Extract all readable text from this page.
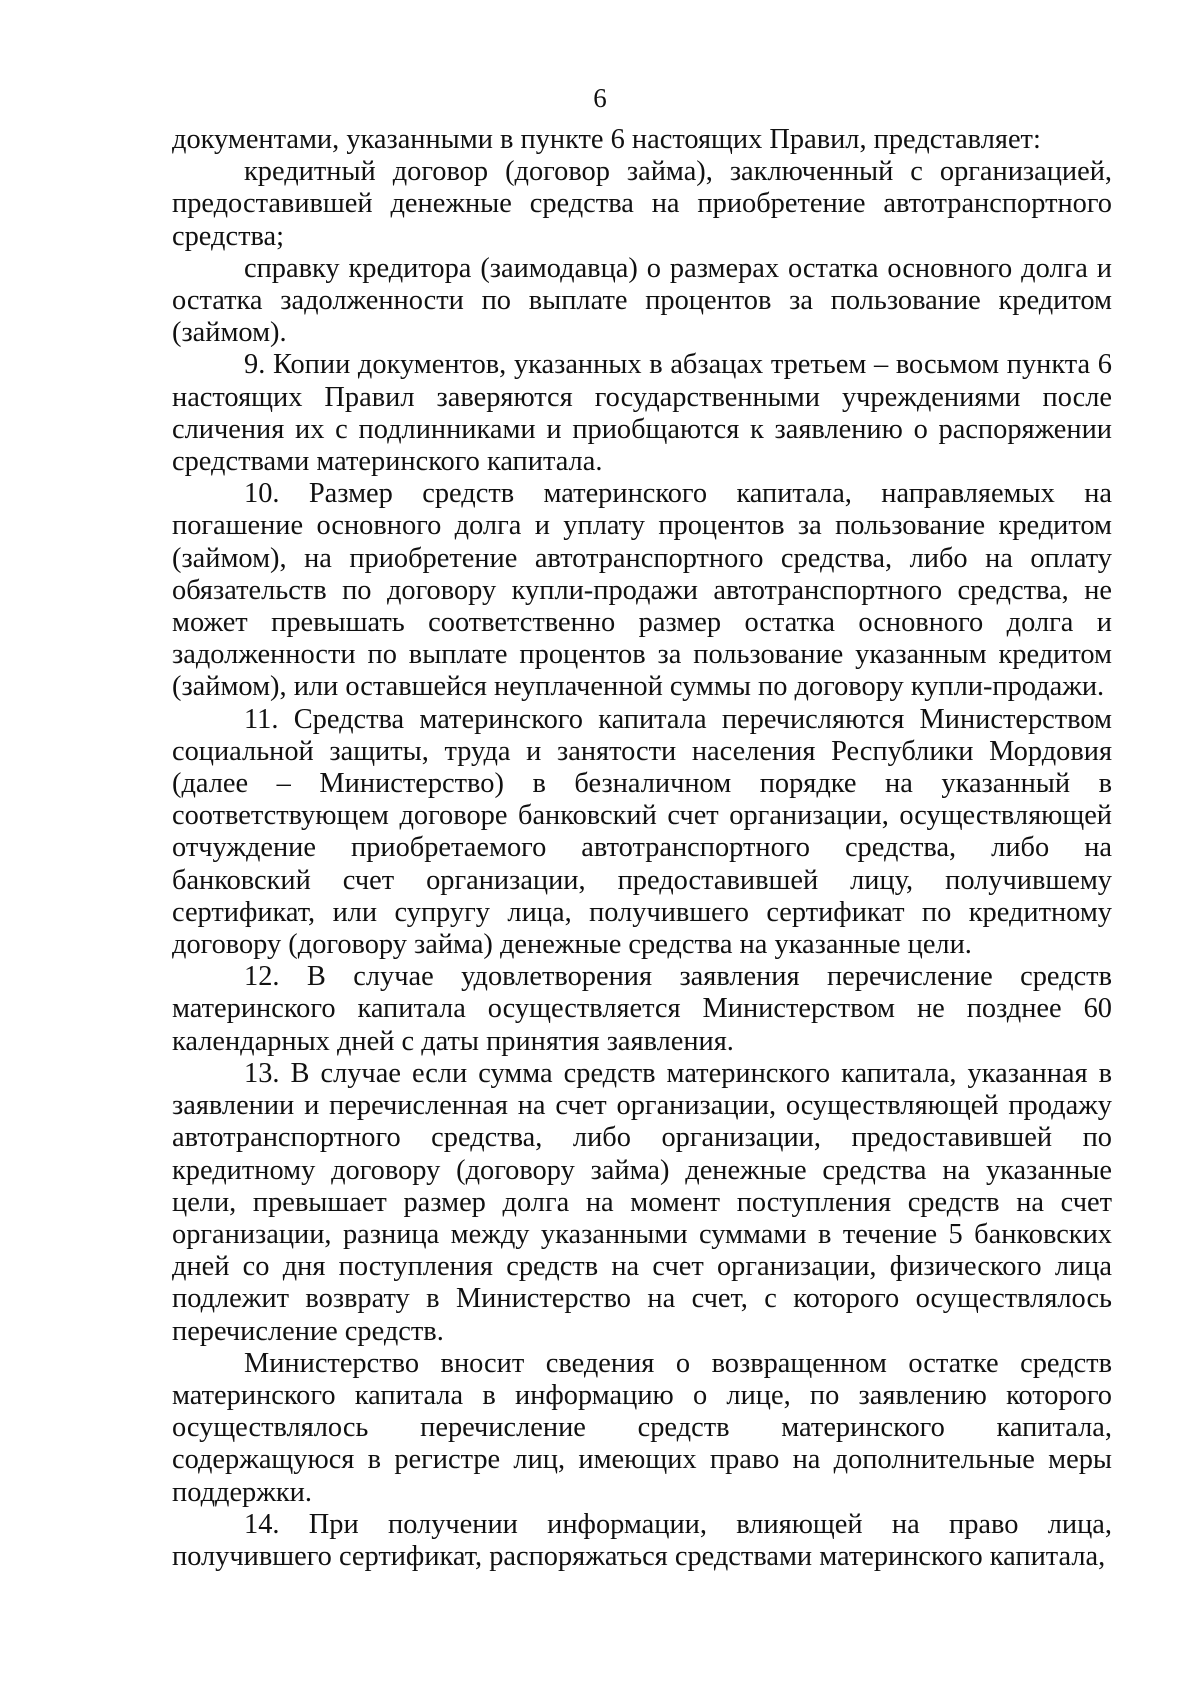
6

документами, указанными в пункте 6 настоящих Правил, представляет:

кредитный договор (договор займа), заключенный с организацией, предоставившей денежные средства на приобретение автотранспортного средства;

справку кредитора (заимодавца) о размерах остатка основного долга и остатка задолженности по выплате процентов за пользование кредитом (займом).

9. Копии документов, указанных в абзацах третьем – восьмом пункта 6 настоящих Правил заверяются государственными учреждениями после сличения их с подлинниками и приобщаются к заявлению о распоряжении средствами материнского капитала.

10. Размер средств материнского капитала, направляемых на погашение основного долга и уплату процентов за пользование кредитом (займом), на приобретение автотранспортного средства, либо на оплату обязательств по договору купли-продажи автотранспортного средства, не может превышать соответственно размер остатка основного долга и задолженности по выплате процентов за пользование указанным кредитом (займом), или оставшейся неуплаченной суммы по договору купли-продажи.

11. Средства материнского капитала перечисляются Министерством социальной защиты, труда и занятости населения Республики Мордовия (далее – Министерство) в безналичном порядке на указанный в соответствующем договоре банковский счет организации, осуществляющей отчуждение приобретаемого автотранспортного средства, либо на банковский счет организации, предоставившей лицу, получившему сертификат, или супругу лица, получившего сертификат по кредитному договору (договору займа) денежные средства на указанные цели.

12. В случае удовлетворения заявления перечисление средств материнского капитала осуществляется Министерством не позднее 60 календарных дней с даты принятия заявления.

13. В случае если сумма средств материнского капитала, указанная в заявлении и перечисленная на счет организации, осуществляющей продажу автотранспортного средства, либо организации, предоставившей по кредитному договору (договору займа) денежные средства на указанные цели, превышает размер долга на момент поступления средств на счет организации, разница между указанными суммами в течение 5 банковских дней со дня поступления средств на счет организации, физического лица подлежит возврату в Министерство на счет, с которого осуществлялось перечисление средств.

Министерство вносит сведения о возвращенном остатке средств материнского капитала в информацию о лице, по заявлению которого осуществлялось перечисление средств материнского капитала, содержащуюся в регистре лиц, имеющих право на дополнительные меры поддержки.

14. При получении информации, влияющей на право лица, получившего сертификат, распоряжаться средствами материнского капитала,
